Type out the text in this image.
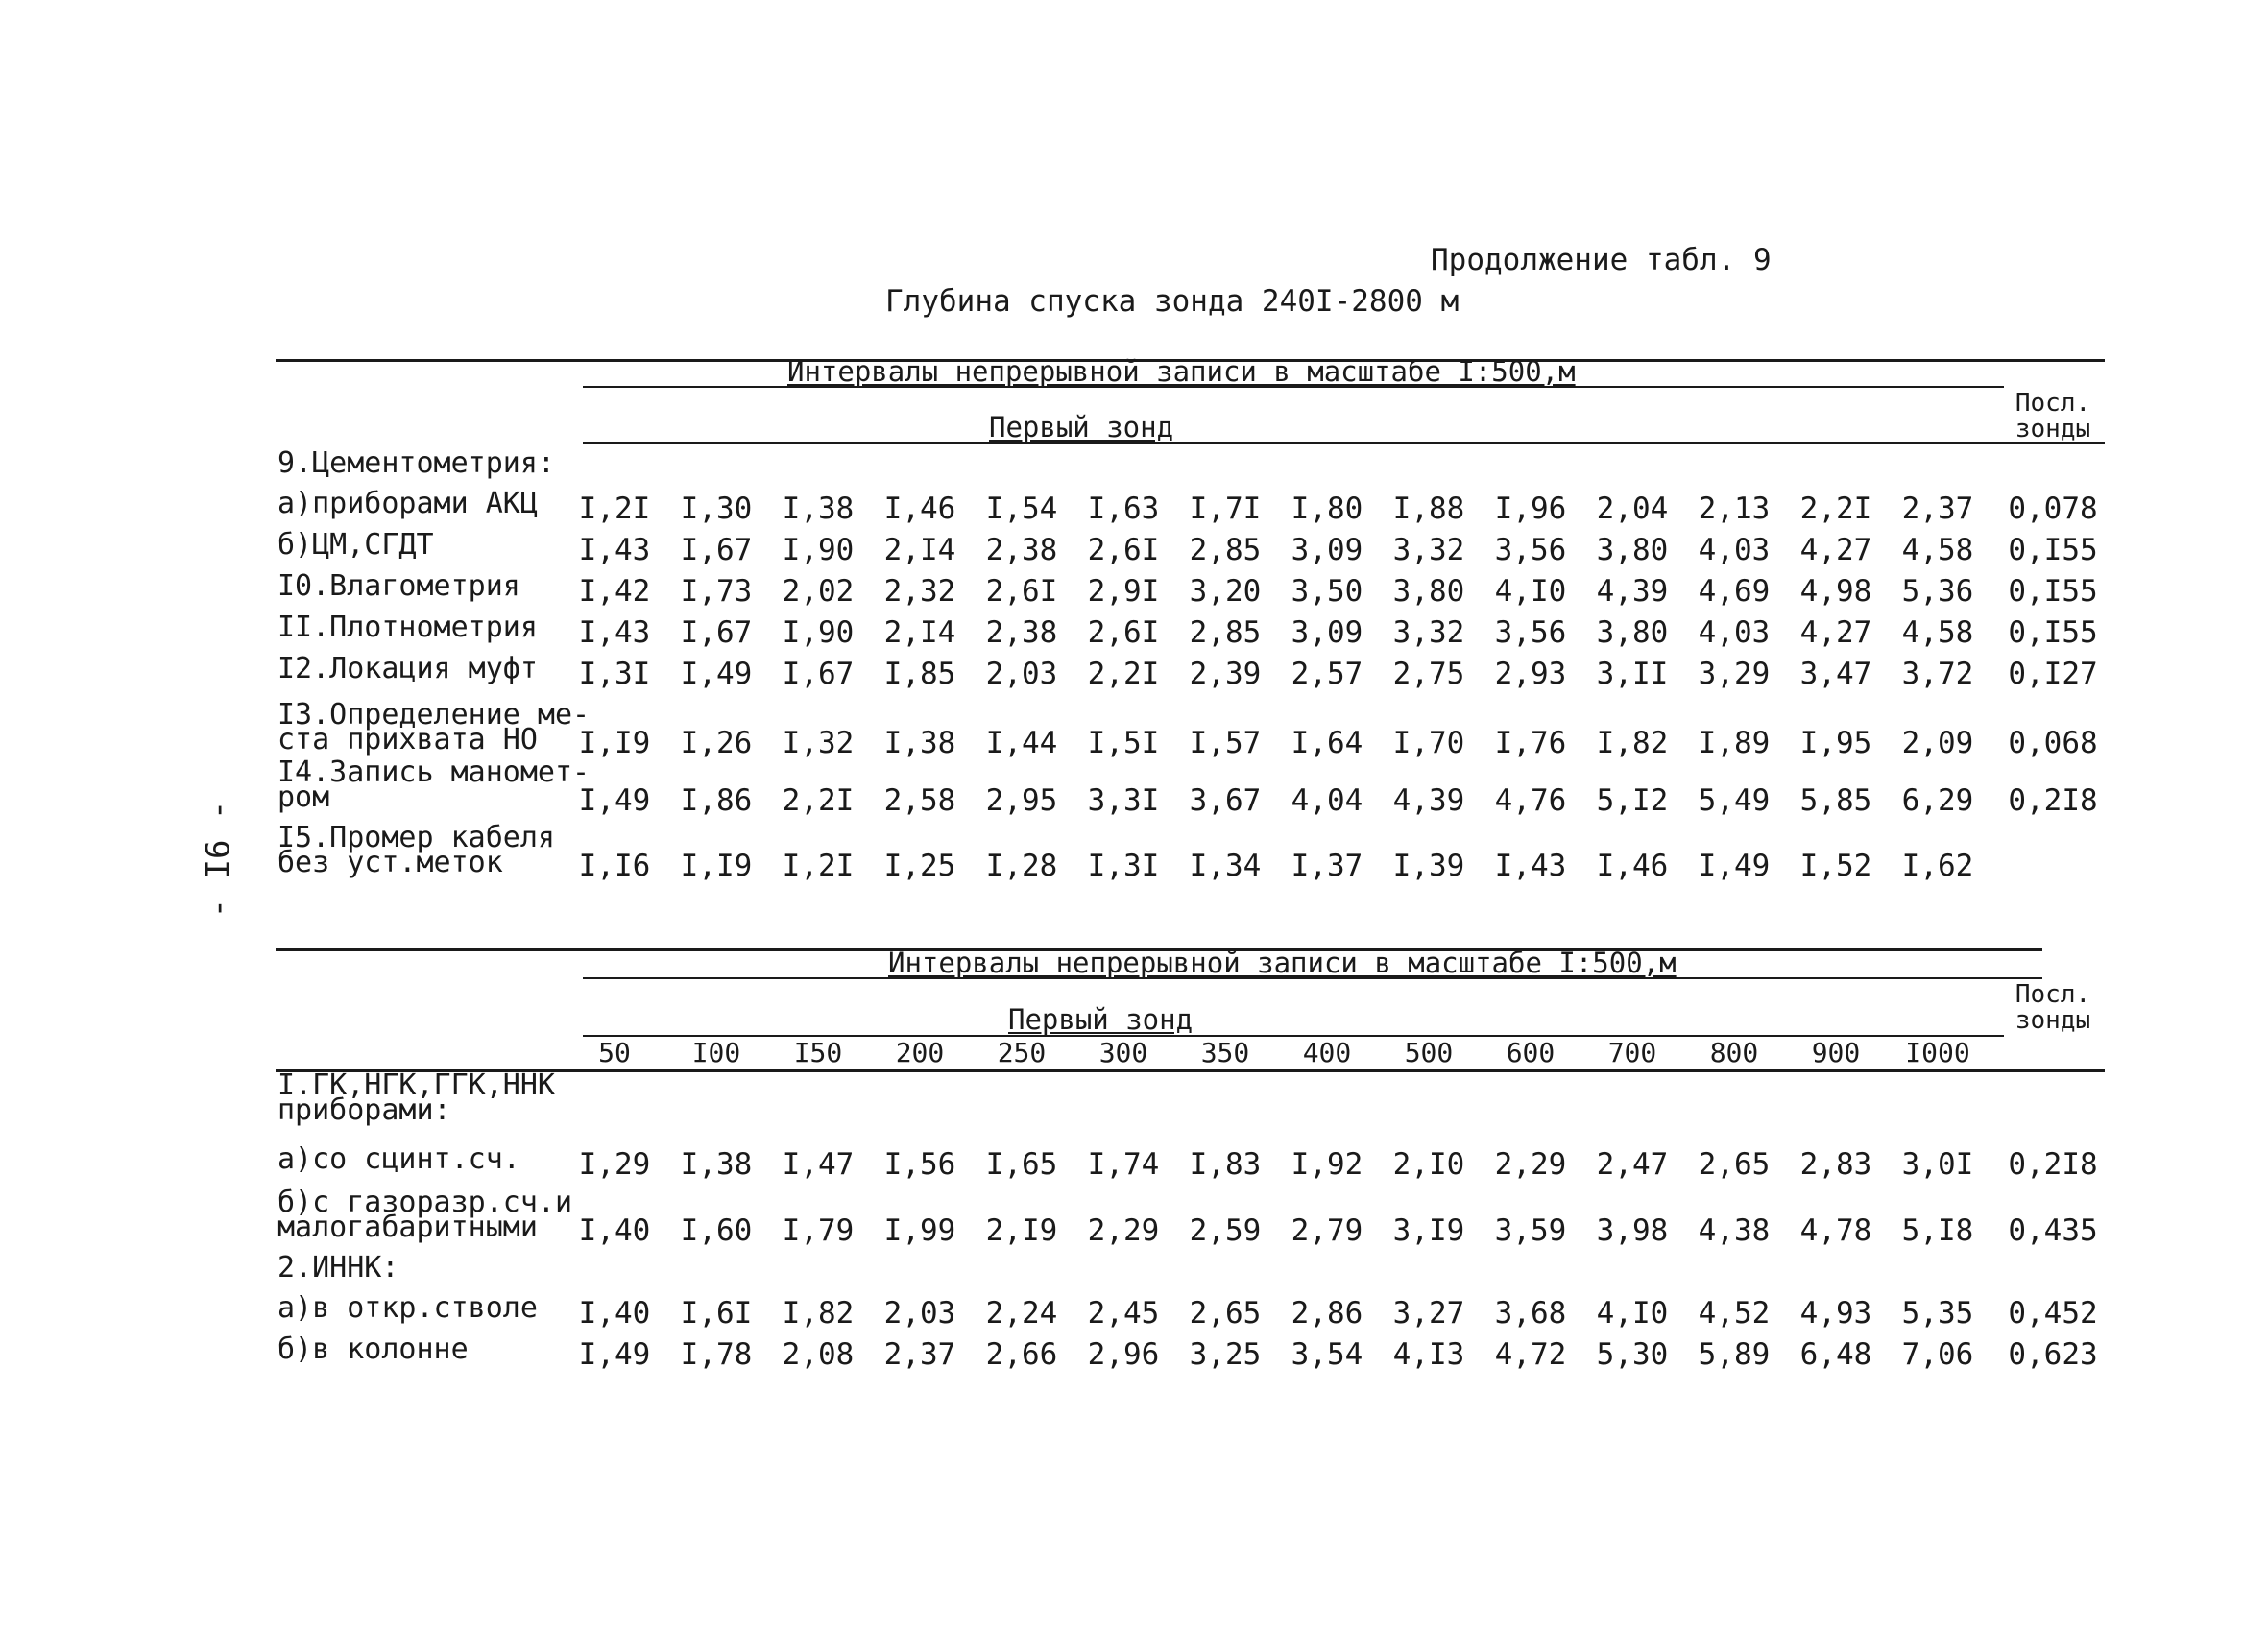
- I6 -
Продолжение табл. 9
Глубина спуска зонда 240I-2800 м
Интервалы непрерывной записи в масштабе I:500,м
Первый зонд
Посл.
зонды
9.Цементометрия:
а)приборами АКЦ	I,2I	I,30	I,38	I,46	I,54	I,63	I,7I	I,80	I,88	I,96	2,04	2,13	2,2I	2,37	0,078
б)ЦМ,СГДТ	I,43	I,67	I,90	2,I4	2,38	2,6I	2,85	3,09	3,32	3,56	3,80	4,03	4,27	4,58	0,I55
I0.Влагометрия	I,42	I,73	2,02	2,32	2,6I	2,9I	3,20	3,50	3,80	4,I0	4,39	4,69	4,98	5,36	0,I55
II.Плотнометрия	I,43	I,67	I,90	2,I4	2,38	2,6I	2,85	3,09	3,32	3,56	3,80	4,03	4,27	4,58	0,I55
I2.Локация муфт	I,3I	I,49	I,67	I,85	2,03	2,2I	2,39	2,57	2,75	2,93	3,II	3,29	3,47	3,72	0,I27
I3.Определение ме-
ста прихвата НО	I,I9	I,26	I,32	I,38	I,44	I,5I	I,57	I,64	I,70	I,76	I,82	I,89	I,95	2,09	0,068
I4.Запись маномет-
ром	I,49	I,86	2,2I	2,58	2,95	3,3I	3,67	4,04	4,39	4,76	5,I2	5,49	5,85	6,29	0,2I8
I5.Промер кабеля
без уст.меток	I,I6	I,I9	I,2I	I,25	I,28	I,3I	I,34	I,37	I,39	I,43	I,46	I,49	I,52	I,62
Интервалы непрерывной записи в масштабе I:500,м
Первый зонд
Посл.
зонды
50	I00	I50	200	250	300	350	400	500	600	700	800	900	I000
I.ГК,НГК,ГГК,ННК
приборами:
а)со сцинт.сч.	I,29	I,38	I,47	I,56	I,65	I,74	I,83	I,92	2,I0	2,29	2,47	2,65	2,83	3,0I	0,2I8
б)с газоразр.сч.и
малогабаритными	I,40	I,60	I,79	I,99	2,I9	2,29	2,59	2,79	3,I9	3,59	3,98	4,38	4,78	5,I8	0,435
2.ИННК:
а)в откр.стволе	I,40	I,6I	I,82	2,03	2,24	2,45	2,65	2,86	3,27	3,68	4,I0	4,52	4,93	5,35	0,452
б)в колонне	I,49	I,78	2,08	2,37	2,66	2,96	3,25	3,54	4,I3	4,72	5,30	5,89	6,48	7,06	0,623
